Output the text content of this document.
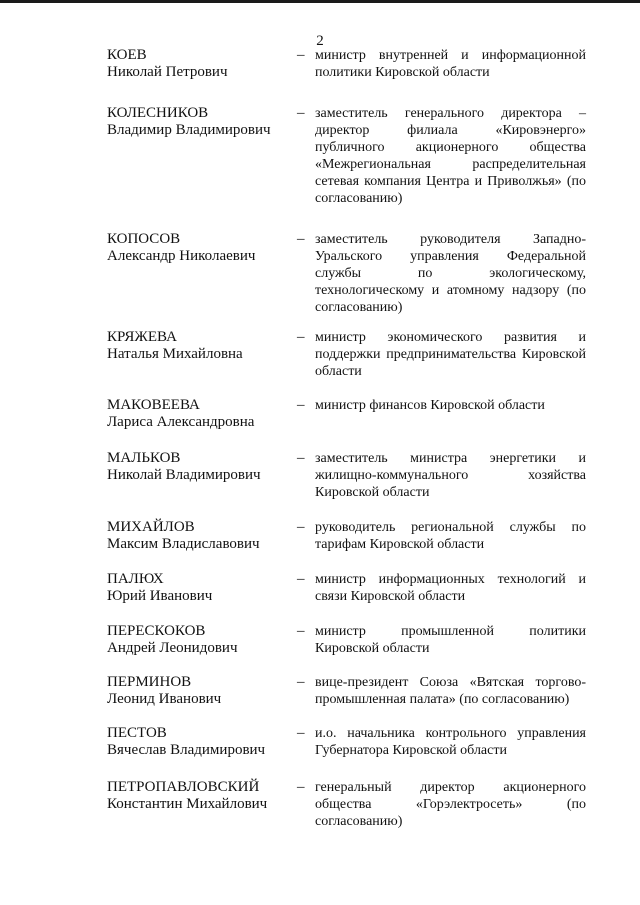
2
КОЕВ
Николай Петрович
– министр внутренней и информационной политики Кировской области
КОЛЕСНИКОВ
Владимир Владимирович
– заместитель генерального директора – директор филиала «Кировэнерго» публичного акционерного общества «Межрегиональная распределительная сетевая компания Центра и Приволжья» (по согласованию)
КОПОСОВ
Александр Николаевич
– заместитель руководителя Западно-Уральского управления Федеральной службы по экологическому, технологическому и атомному надзору (по согласованию)
КРЯЖЕВА
Наталья Михайловна
– министр экономического развития и поддержки предпринимательства Кировской области
МАКОВЕЕВА
Лариса Александровна
– министр финансов Кировской области
МАЛЬКОВ
Николай Владимирович
– заместитель министра энергетики и жилищно-коммунального хозяйства Кировской области
МИХАЙЛОВ
Максим Владиславович
– руководитель региональной службы по тарифам Кировской области
ПАЛЮХ
Юрий Иванович
– министр информационных технологий и связи Кировской области
ПЕРЕСКОКОВ
Андрей Леонидович
– министр промышленной политики Кировской области
ПЕРМИНОВ
Леонид Иванович
– вице-президент Союза «Вятская торгово-промышленная палата» (по согласованию)
ПЕСТОВ
Вячеслав Владимирович
– и.о. начальника контрольного управления Губернатора Кировской области
ПЕТРОПАВЛОВСКИЙ
Константин Михайлович
– генеральный директор акционерного общества «Горэлектросеть» (по согласованию)
